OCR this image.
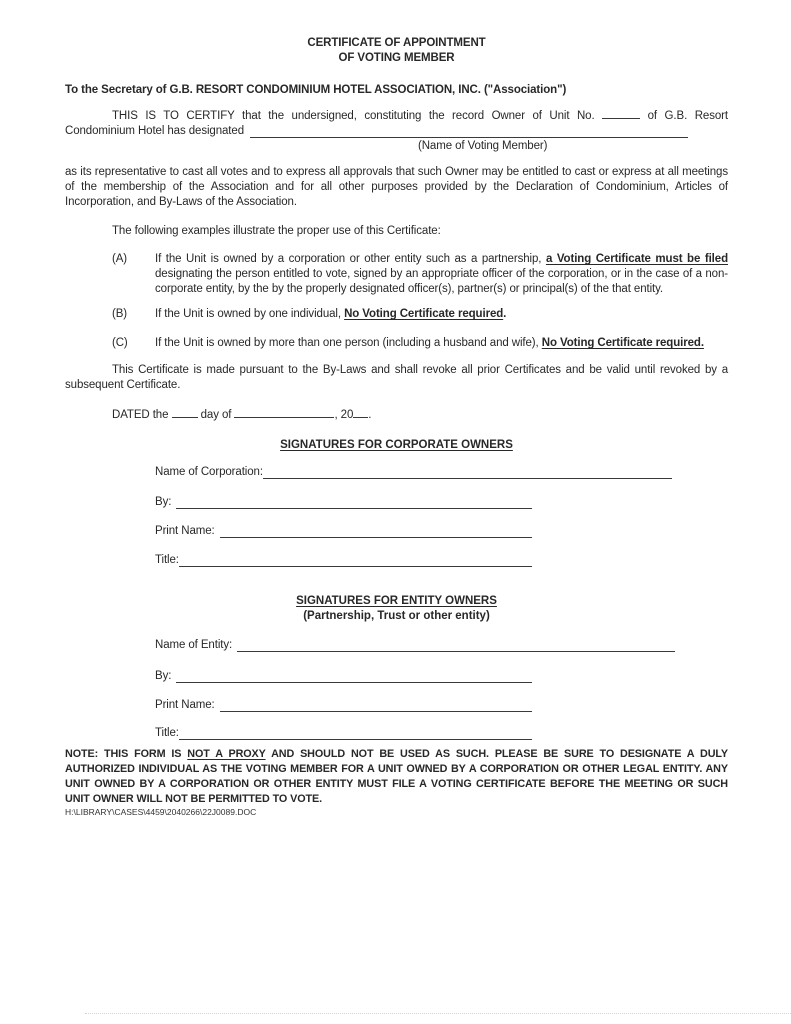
CERTIFICATE OF APPOINTMENT
OF VOTING MEMBER
To the Secretary of G.B. RESORT CONDOMINIUM HOTEL ASSOCIATION, INC. ("Association")
THIS IS TO CERTIFY that the undersigned, constituting the record Owner of Unit No.	of G.B. Resort
Condominium Hotel has designated
(Name of Voting Member)
as its representative to cast all votes and to express all approvals that such Owner may be entitled to cast or express at all meetings of the membership of the Association and for all other purposes provided by the Declaration of Condominium, Articles of Incorporation, and By-Laws of the Association.
The following examples illustrate the proper use of this Certificate:
(A)	If the Unit is owned by a corporation or other entity such as a partnership, a Voting Certificate must be filed designating the person entitled to vote, signed by an appropriate officer of the corporation, or in the case of a non-corporate entity, by the by the properly designated officer(s), partner(s) or principal(s) of the that entity.
(B)	If the Unit is owned by one individual, No Voting Certificate required.
(C)	If the Unit is owned by more than one person (including a husband and wife), No Voting Certificate required.
This Certificate is made pursuant to the By-Laws and shall revoke all prior Certificates and be valid until revoked by a subsequent Certificate.
DATED the	day of	, 20 .
SIGNATURES FOR CORPORATE OWNERS
Name of Corporation:
By:
Print Name:
Title:
SIGNATURES FOR ENTITY OWNERS
(Partnership, Trust or other entity)
Name of Entity:
By:
Print Name:
Title:
NOTE: THIS FORM IS NOT A PROXY AND SHOULD NOT BE USED AS SUCH. PLEASE BE SURE TO DESIGNATE A DULY AUTHORIZED INDIVIDUAL AS THE VOTING MEMBER FOR A UNIT OWNED BY A CORPORATION OR OTHER LEGAL ENTITY. ANY UNIT OWNED BY A CORPORATION OR OTHER ENTITY MUST FILE A VOTING CERTIFICATE BEFORE THE MEETING OR SUCH UNIT OWNER WILL NOT BE PERMITTED TO VOTE.
H:\LIBRARY\CASES\4459\2040266\22J0089.DOC
